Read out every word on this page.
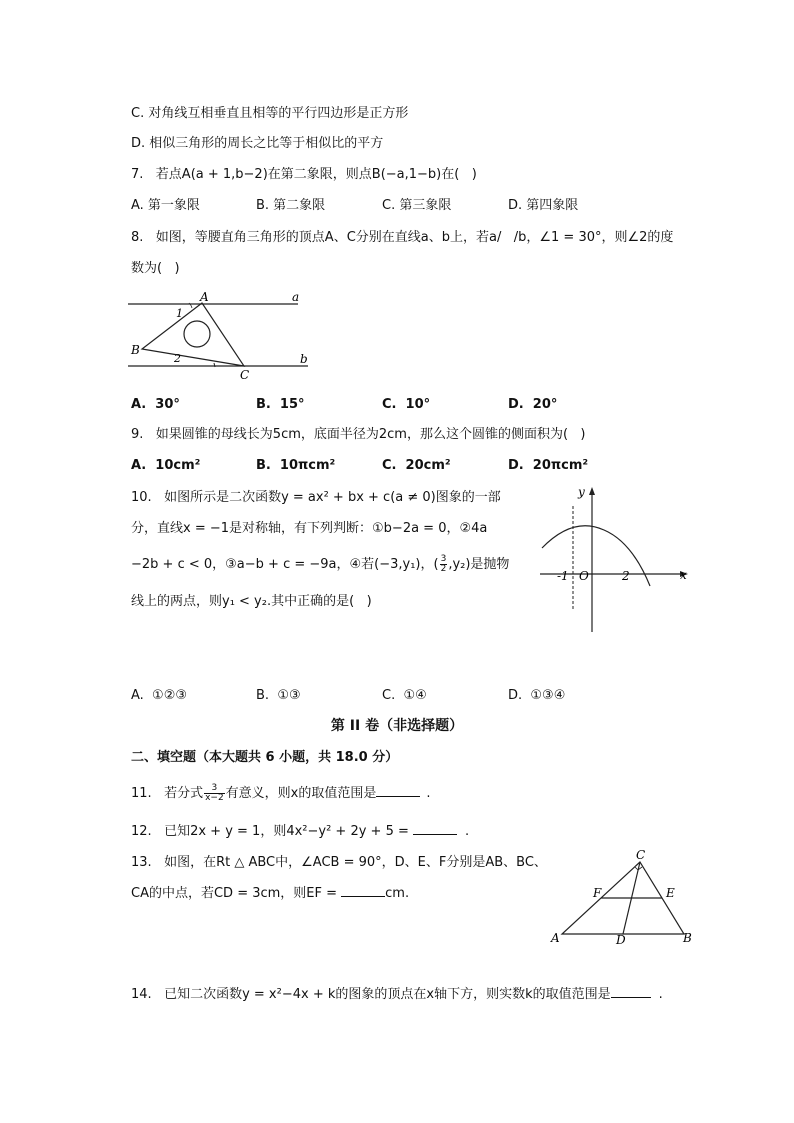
C. 对角线互相垂直且相等的平行四边形是正方形
D. 相似三角形的周长之比等于相似比的平方
7.   若点A(a + 1,b−2)在第二象限，则点B(−a,1−b)在(   )
A. 第一象限	B. 第二象限	C. 第三象限	D. 第四象限
8.   如图，等腰直角三角形的顶点A、C分别在直线a、b上，若a/   /b，∠1 = 30°，则∠2的度
数为(   )
A	a
1
B
2	b
C
A.  30°	B.  15°	C.  10°	D.  20°
9.   如果圆锥的母线长为5cm，底面半径为2cm，那么这个圆锥的侧面积为(   )
A.  10cm²	B.  10πcm²	C.  20cm²	D.  20πcm²
10.   如图所示是二次函数y = ax² + bx + c(a ≠ 0)图象的一部
分，直线x = −1是对称轴，有下列判断：①b−2a = 0，②4a
−2b + c < 0，③a−b + c = −9a，④若(−3,y₁)，( $\frac{3}{2} ,y_2$)是抛物
线上的两点，则y₁ < y₂.其中正确的是(   )
y
x
-1 O	2
A.  ①②③	B.  ①③	C.  ①④	D.  ①③④
第 II 卷（非选择题）
二、填空题（本大题共 6 小题，共 18.0 分）
11.   若分式 $\frac{3}{x-2}$ 有意义，则x的取值范围是	.
12.   已知2x + y = 1，则4x²−y² + 2y + 5 =	.
13.   如图，在Rt △ ABC中，∠ACB = 90°，D、E、F分别是AB、BC、
CA的中点，若CD = 3cm，则EF =	cm.
C
F	E
A	D	B
14.   已知二次函数y = x²−4x + k的图象的顶点在x轴下方，则实数k的取值范围是	.
